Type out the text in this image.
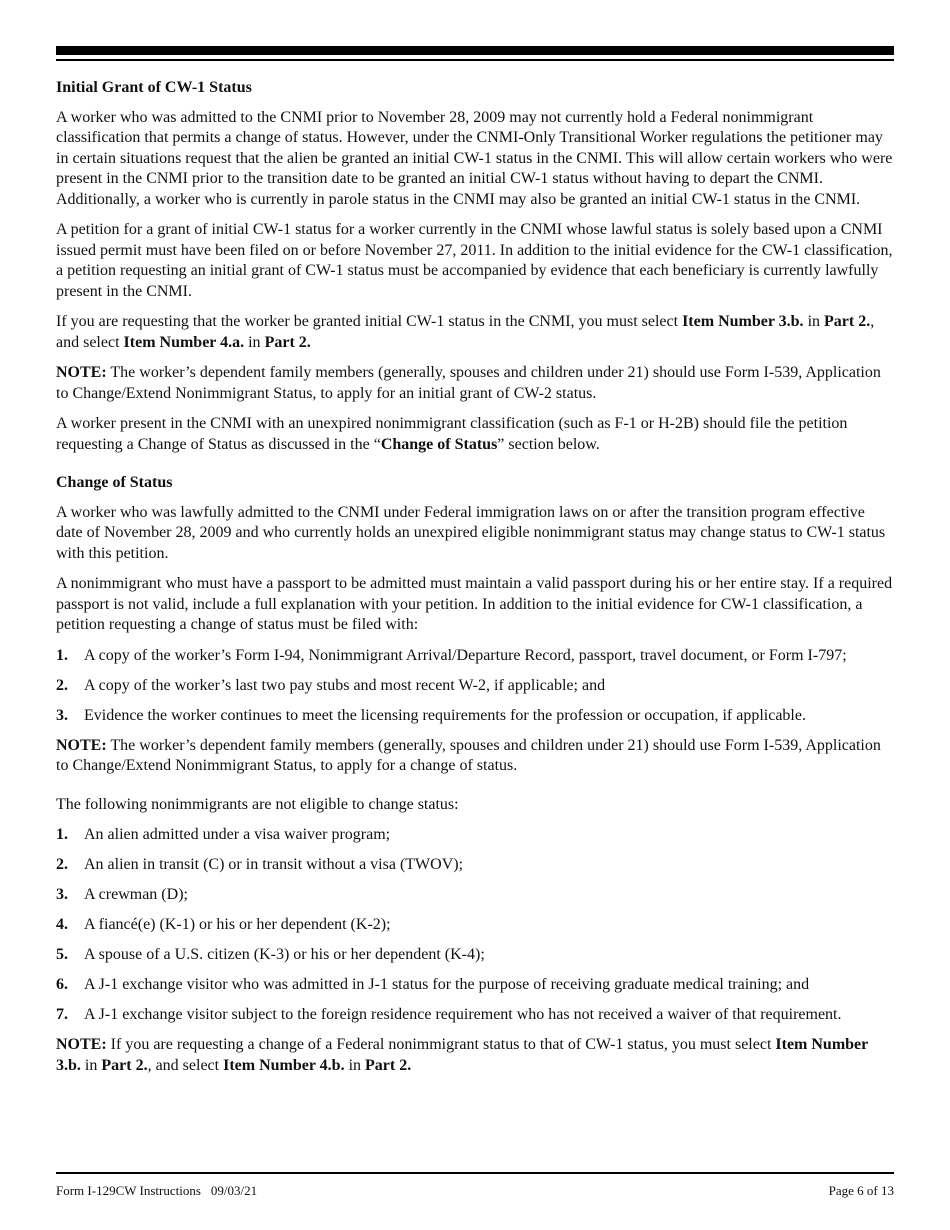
Initial Grant of CW-1 Status

A worker who was admitted to the CNMI prior to November 28, 2009 may not currently hold a Federal nonimmigrant classification that permits a change of status. However, under the CNMI-Only Transitional Worker regulations the petitioner may in certain situations request that the alien be granted an initial CW-1 status in the CNMI. This will allow certain workers who were present in the CNMI prior to the transition date to be granted an initial CW-1 status without having to depart the CNMI. Additionally, a worker who is currently in parole status in the CNMI may also be granted an initial CW-1 status in the CNMI.

A petition for a grant of initial CW-1 status for a worker currently in the CNMI whose lawful status is solely based upon a CNMI issued permit must have been filed on or before November 27, 2011. In addition to the initial evidence for the CW-1 classification, a petition requesting an initial grant of CW-1 status must be accompanied by evidence that each beneficiary is currently lawfully present in the CNMI.

If you are requesting that the worker be granted initial CW-1 status in the CNMI, you must select Item Number 3.b. in Part 2., and select Item Number 4.a. in Part 2.

NOTE: The worker’s dependent family members (generally, spouses and children under 21) should use Form I-539, Application to Change/Extend Nonimmigrant Status, to apply for an initial grant of CW-2 status.

A worker present in the CNMI with an unexpired nonimmigrant classification (such as F-1 or H-2B) should file the petition requesting a Change of Status as discussed in the “Change of Status” section below.

Change of Status

A worker who was lawfully admitted to the CNMI under Federal immigration laws on or after the transition program effective date of November 28, 2009 and who currently holds an unexpired eligible nonimmigrant status may change status to CW-1 status with this petition.

A nonimmigrant who must have a passport to be admitted must maintain a valid passport during his or her entire stay. If a required passport is not valid, include a full explanation with your petition. In addition to the initial evidence for CW-1 classification, a petition requesting a change of status must be filed with:

1. A copy of the worker’s Form I-94, Nonimmigrant Arrival/Departure Record, passport, travel document, or Form I-797;
2. A copy of the worker’s last two pay stubs and most recent W-2, if applicable; and
3. Evidence the worker continues to meet the licensing requirements for the profession or occupation, if applicable.

NOTE: The worker’s dependent family members (generally, spouses and children under 21) should use Form I-539, Application to Change/Extend Nonimmigrant Status, to apply for a change of status.

The following nonimmigrants are not eligible to change status:

1. An alien admitted under a visa waiver program;
2. An alien in transit (C) or in transit without a visa (TWOV);
3. A crewman (D);
4. A fiancé(e) (K-1) or his or her dependent (K-2);
5. A spouse of a U.S. citizen (K-3) or his or her dependent (K-4);
6. A J-1 exchange visitor who was admitted in J-1 status for the purpose of receiving graduate medical training; and
7. A J-1 exchange visitor subject to the foreign residence requirement who has not received a waiver of that requirement.

NOTE: If you are requesting a change of a Federal nonimmigrant status to that of CW-1 status, you must select Item Number 3.b. in Part 2., and select Item Number 4.b. in Part 2.

Form I-129CW Instructions 09/03/21	Page 6 of 13
